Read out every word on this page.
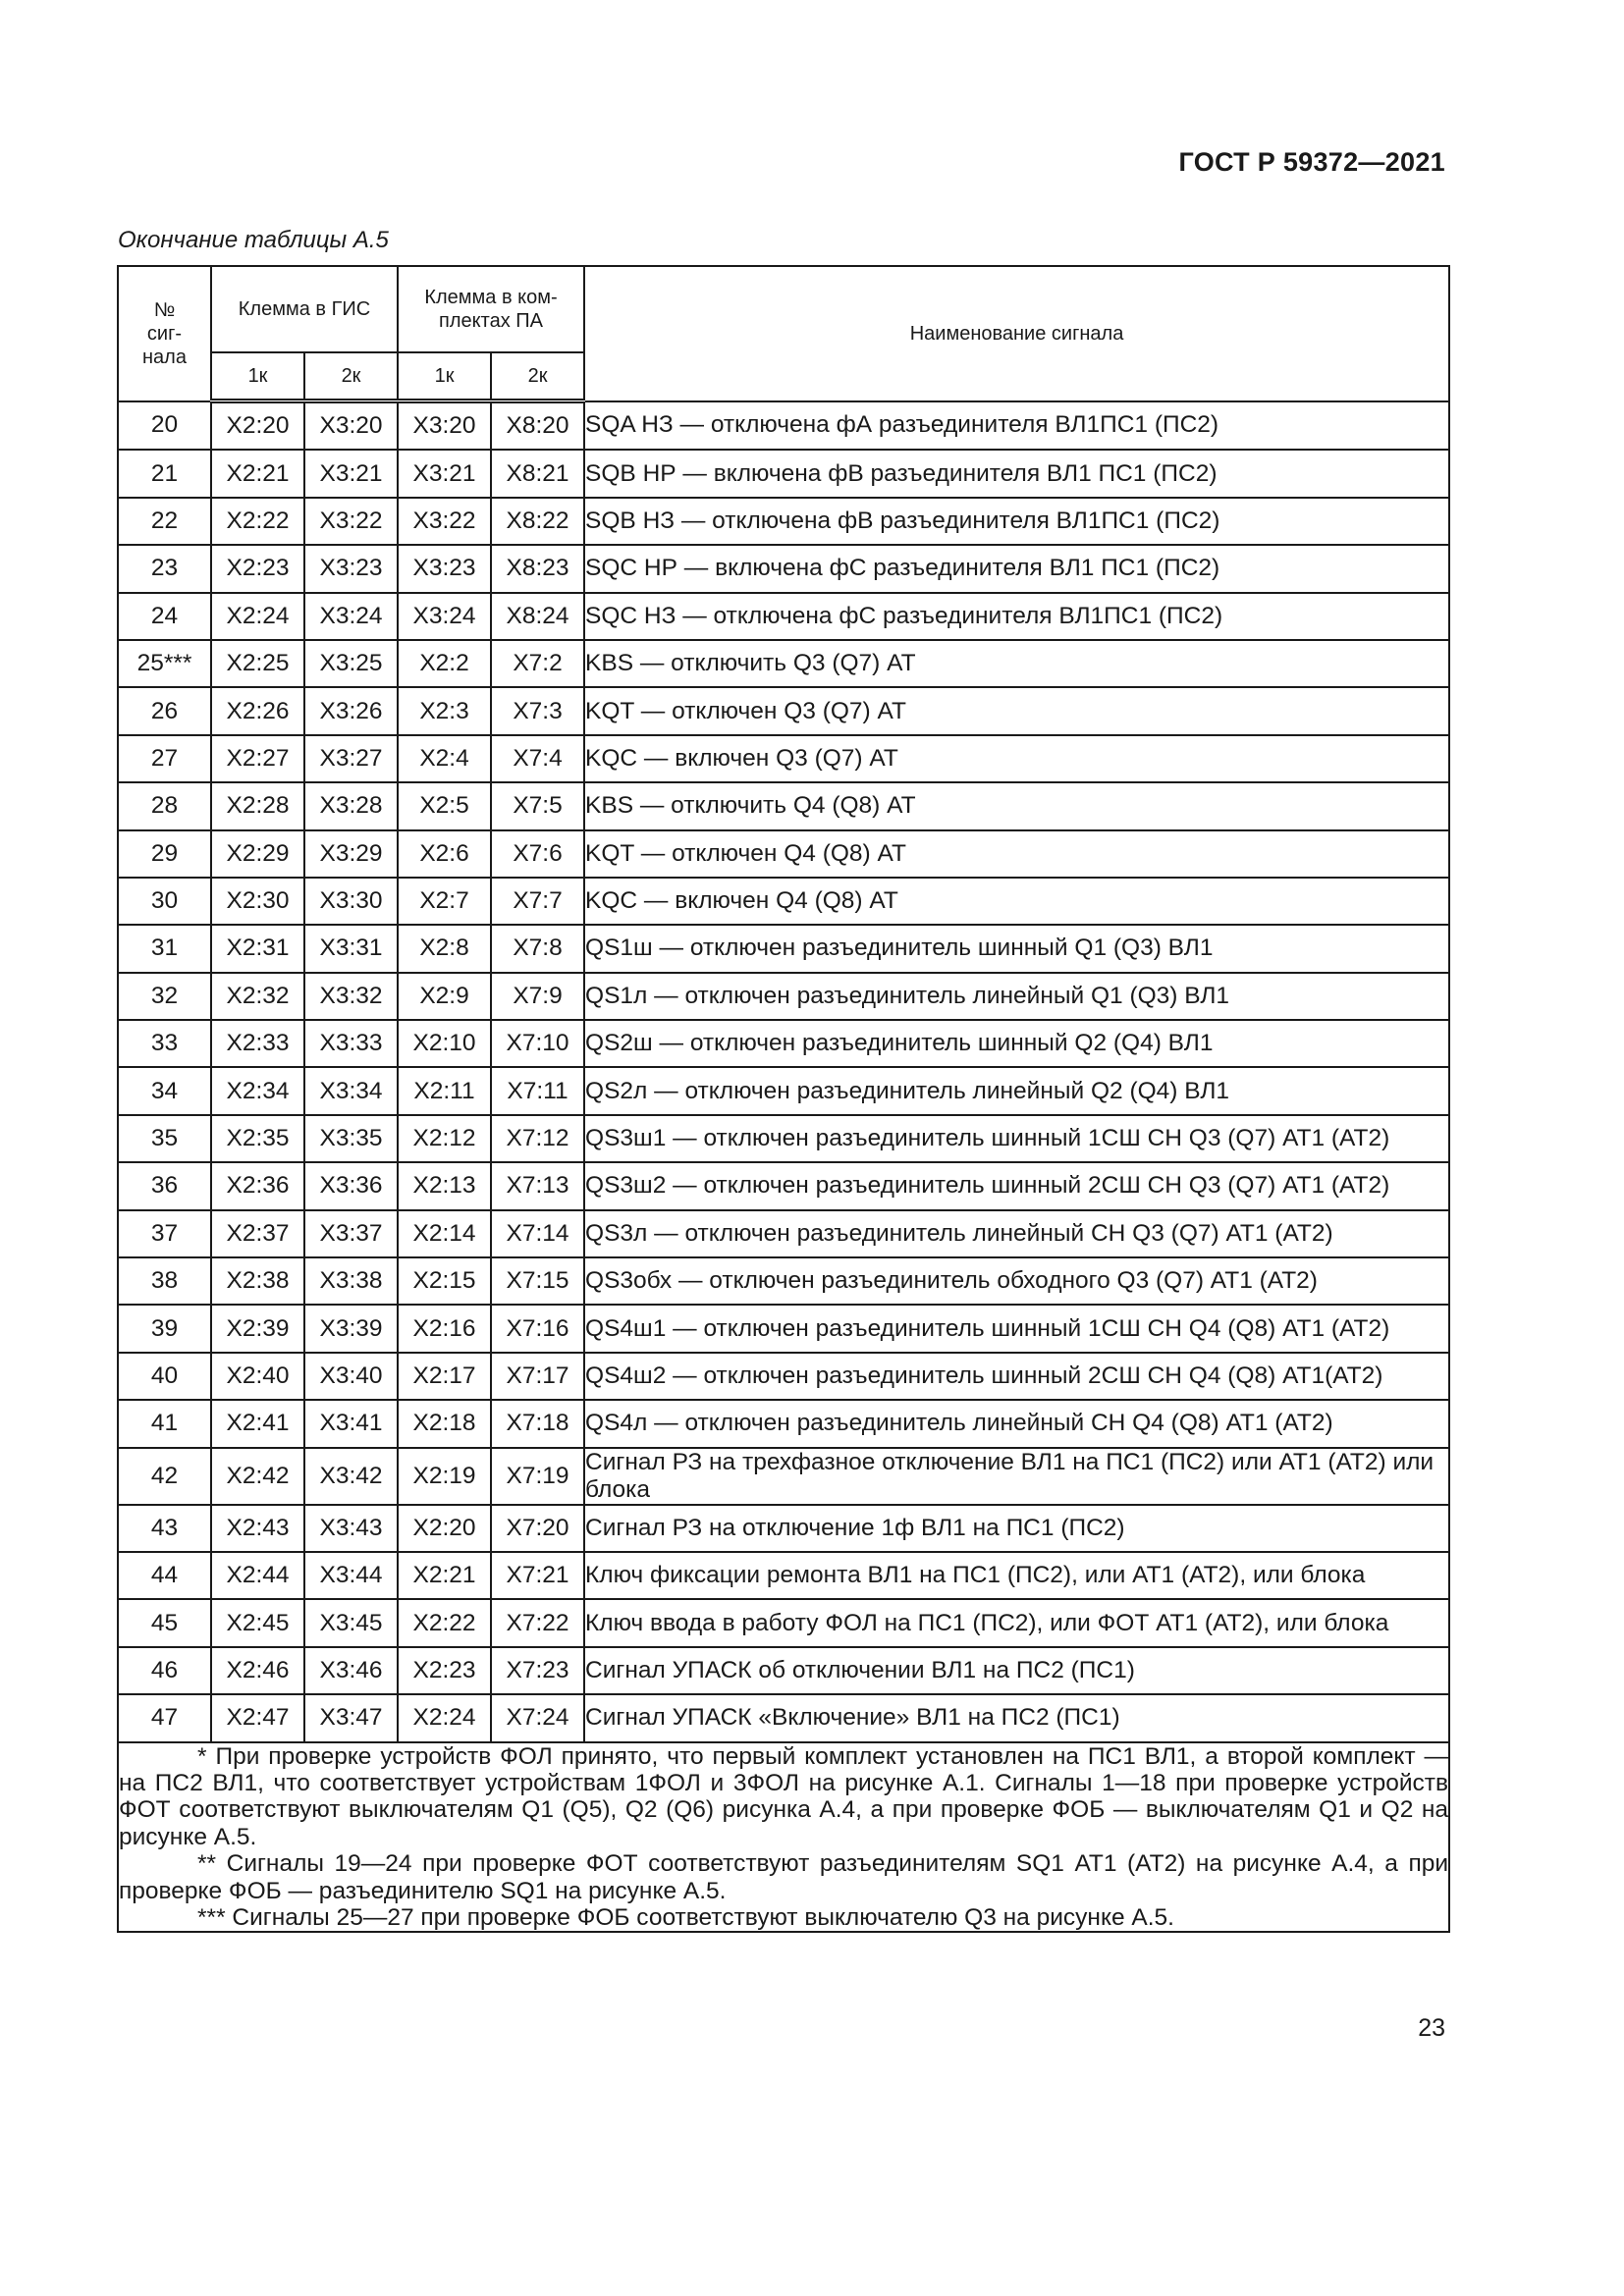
ГОСТ Р 59372—2021
Окончание таблицы А.5
№ сиг- нала	Клемма в ГИС		Клемма в ком- плектах ПА		Наименование сигнала
	1к	2к	1к	2к	
20	X2:20	X3:20	X3:20	X8:20	SQA НЗ — отключена фА разъединителя ВЛ1ПС1 (ПС2)
21	X2:21	X3:21	X3:21	X8:21	SQB НР — включена фВ разъединителя ВЛ1 ПС1 (ПС2)
22	X2:22	X3:22	X3:22	X8:22	SQB НЗ — отключена фВ разъединителя ВЛ1ПС1 (ПС2)
23	X2:23	X3:23	X3:23	X8:23	SQC НР — включена фС разъединителя ВЛ1 ПС1 (ПС2)
24	X2:24	X3:24	X3:24	X8:24	SQC НЗ — отключена фС разъединителя ВЛ1ПС1 (ПС2)
25***	X2:25	X3:25	X2:2	X7:2	KBS — отключить Q3 (Q7) АТ
26	X2:26	X3:26	X2:3	X7:3	KQT — отключен Q3 (Q7) АТ
27	X2:27	X3:27	X2:4	X7:4	KQC — включен Q3 (Q7) АТ
28	X2:28	X3:28	X2:5	X7:5	KBS — отключить Q4 (Q8) АТ
29	X2:29	X3:29	X2:6	X7:6	KQT — отключен Q4 (Q8) АТ
30	X2:30	X3:30	X2:7	X7:7	KQC — включен Q4 (Q8) АТ
31	X2:31	X3:31	X2:8	X7:8	QS1ш — отключен разъединитель шинный Q1 (Q3) ВЛ1
32	X2:32	X3:32	X2:9	X7:9	QS1л — отключен разъединитель линейный Q1 (Q3) ВЛ1
33	X2:33	X3:33	X2:10	X7:10	QS2ш — отключен разъединитель шинный Q2 (Q4) ВЛ1
34	X2:34	X3:34	X2:11	X7:11	QS2л — отключен разъединитель линейный Q2 (Q4) ВЛ1
35	X2:35	X3:35	X2:12	X7:12	QS3ш1 — отключен разъединитель шинный 1СШ СН Q3 (Q7) АТ1 (АТ2)
36	X2:36	X3:36	X2:13	X7:13	QS3ш2 — отключен разъединитель шинный 2СШ СН Q3 (Q7) АТ1 (АТ2)
37	X2:37	X3:37	X2:14	X7:14	QS3л — отключен разъединитель линейный СН Q3 (Q7) АТ1 (АТ2)
38	X2:38	X3:38	X2:15	X7:15	QS3обх — отключен разъединитель обходного Q3 (Q7) АТ1 (АТ2)
39	X2:39	X3:39	X2:16	X7:16	QS4ш1 — отключен разъединитель шинный 1СШ СН Q4 (Q8) АТ1 (АТ2)
40	X2:40	X3:40	X2:17	X7:17	QS4ш2 — отключен разъединитель шинный 2СШ СН Q4 (Q8) АТ1(АТ2)
41	X2:41	X3:41	X2:18	X7:18	QS4л — отключен разъединитель линейный СН Q4 (Q8) АТ1 (АТ2)
42	X2:42	X3:42	X2:19	X7:19	Сигнал РЗ на трехфазное отключение ВЛ1 на ПС1 (ПС2) или АТ1 (АТ2) или блока
43	X2:43	X3:43	X2:20	X7:20	Сигнал РЗ на отключение 1ф ВЛ1 на ПС1 (ПС2)
44	X2:44	X3:44	X2:21	X7:21	Ключ фиксации ремонта ВЛ1 на ПС1 (ПС2), или АТ1 (АТ2), или блока
45	X2:45	X3:45	X2:22	X7:22	Ключ ввода в работу ФОЛ на ПС1 (ПС2), или ФОТ АТ1 (АТ2), или блока
46	X2:46	X3:46	X2:23	X7:23	Сигнал УПАСК об отключении ВЛ1 на ПС2 (ПС1)
47	X2:47	X3:47	X2:24	X7:24	Сигнал УПАСК «Включение» ВЛ1 на ПС2 (ПС1)

* При проверке устройств ФОЛ принято, что первый комплект установлен на ПС1 ВЛ1, а второй комплект — на ПС2 ВЛ1, что соответствует устройствам 1ФОЛ и 3ФОЛ на рисунке А.1. Сигналы 1—18 при проверке устройств ФОТ соответствуют выключателям Q1 (Q5), Q2 (Q6) рисунка А.4, а при проверке ФОБ — выключателям Q1 и Q2 на рисунке А.5.

** Сигналы 19—24 при проверке ФОТ соответствуют разъединителям SQ1 АТ1 (АТ2) на рисунке А.4, а при проверке ФОБ — разъединителю SQ1 на рисунке А.5.

*** Сигналы 25—27 при проверке ФОБ соответствуют выключателю Q3 на рисунке А.5.					

23
